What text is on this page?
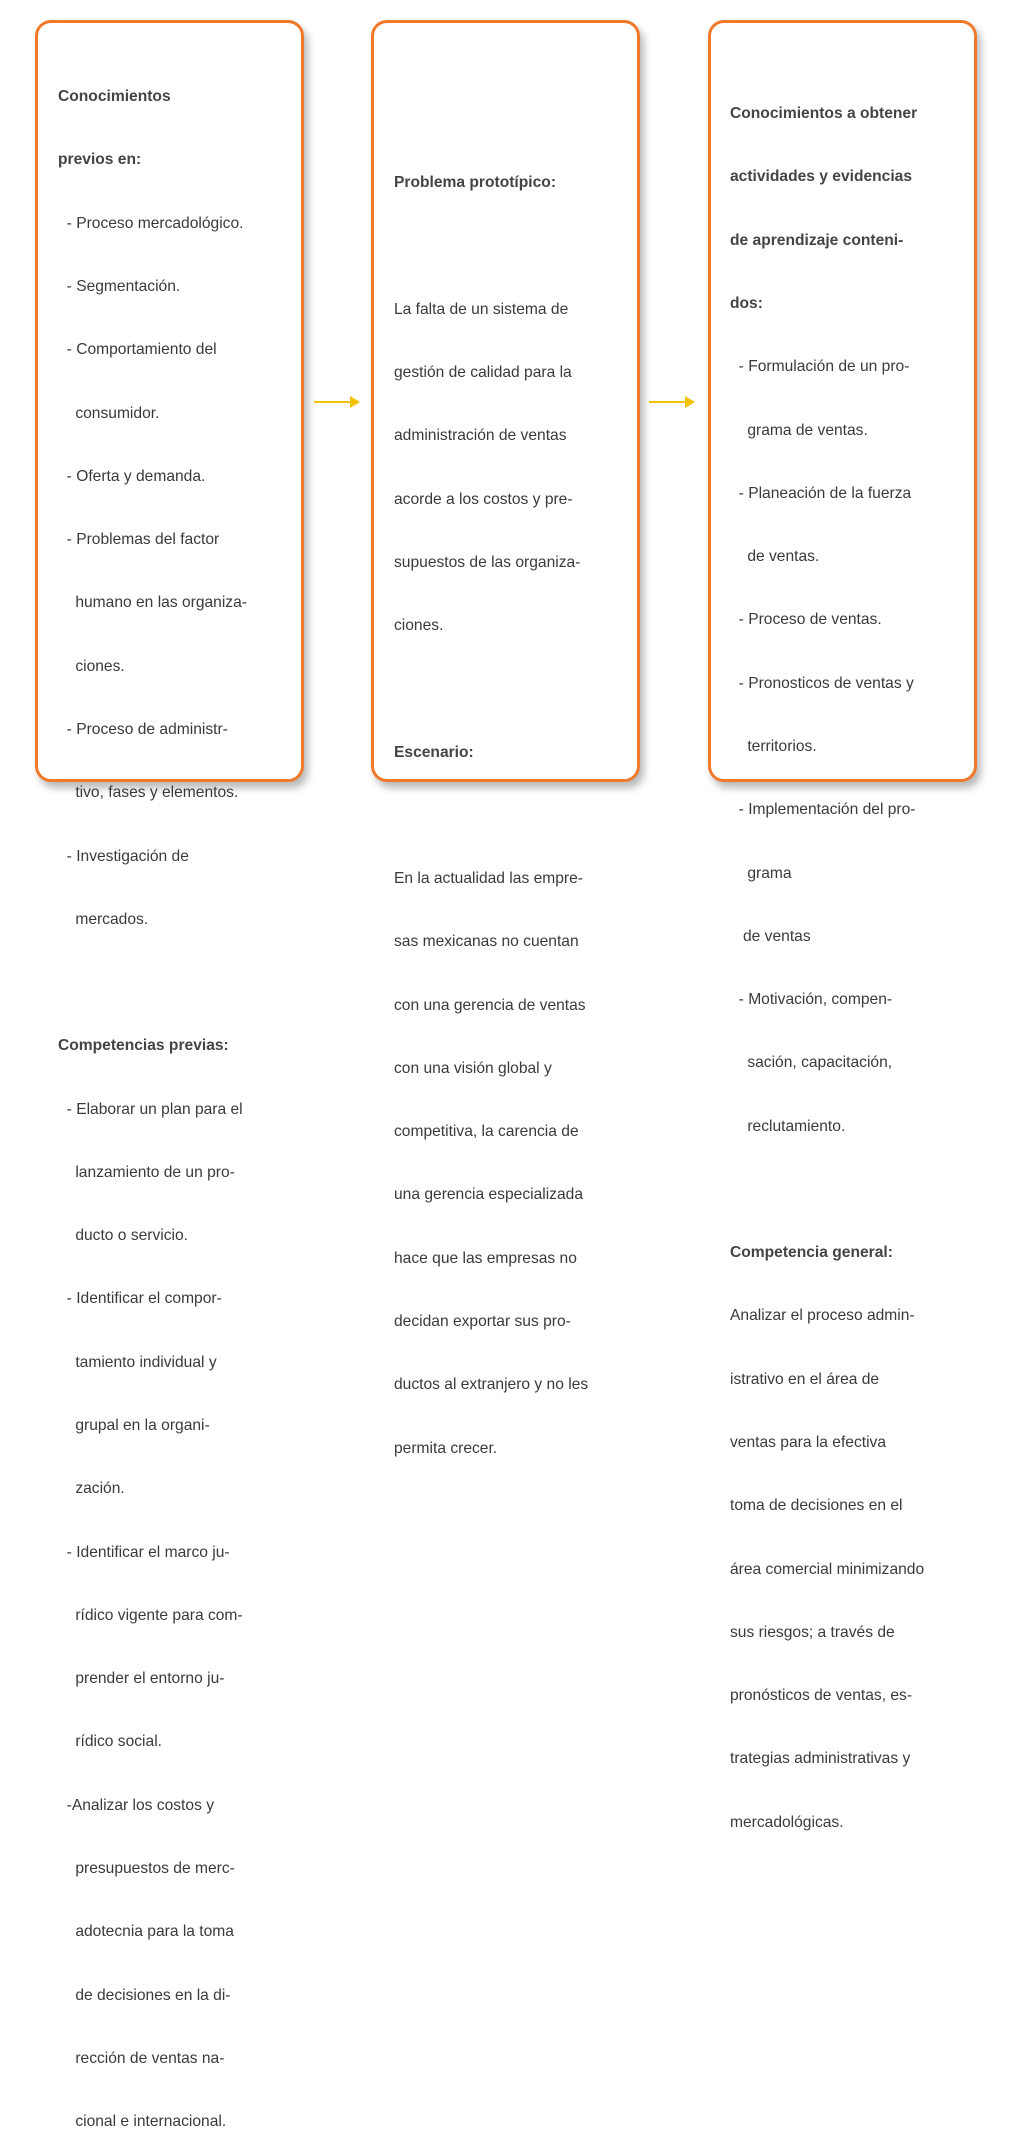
Conocimientos

previos en:

- Proceso mercadológico.

- Segmentación.

- Comportamiento del

consumidor.

- Oferta y demanda.

- Problemas del factor

humano en las organiza-

ciones.

- Proceso de administr-

tivo, fases y elementos.

- Investigación de

mercados.

Competencias previas:

- Elaborar un plan para el

lanzamiento de un pro-

ducto o servicio.

- Identificar el compor-

tamiento individual y

grupal en la organi-

zación.

- Identificar el marco ju-

rídico vigente para com-

prender el entorno ju-

rídico social.

-Analizar los costos y

presupuestos de merc-

adotecnia para la toma

de decisiones en la di-

rección de ventas na-

cional e internacional.

Problema prototípico:

La falta de un sistema de

gestión de calidad para la

administración de ventas

acorde a los costos y pre-

supuestos de las organiza-

ciones.

Escenario:

En la actualidad las empre-

sas mexicanas no cuentan

con una gerencia de ventas

con una visión global y

competitiva, la carencia de

una gerencia especializada

hace que las empresas no

decidan exportar sus pro-

ductos al extranjero y no les

permita crecer.

Conocimientos a obtener

actividades y evidencias

de aprendizaje conteni-

dos:

- Formulación de un pro-

grama de ventas.

- Planeación de la fuerza

de ventas.

- Proceso de ventas.

- Pronosticos de ventas y

territorios.

- Implementación del pro-

grama

de ventas

- Motivación, compen-

sación, capacitación,

reclutamiento.

Competencia general:

Analizar el proceso admin-

istrativo en el área de

ventas para la efectiva

toma de decisiones en el

área comercial minimizando

sus riesgos; a través de

pronósticos de ventas, es-

trategias administrativas y

mercadológicas.
